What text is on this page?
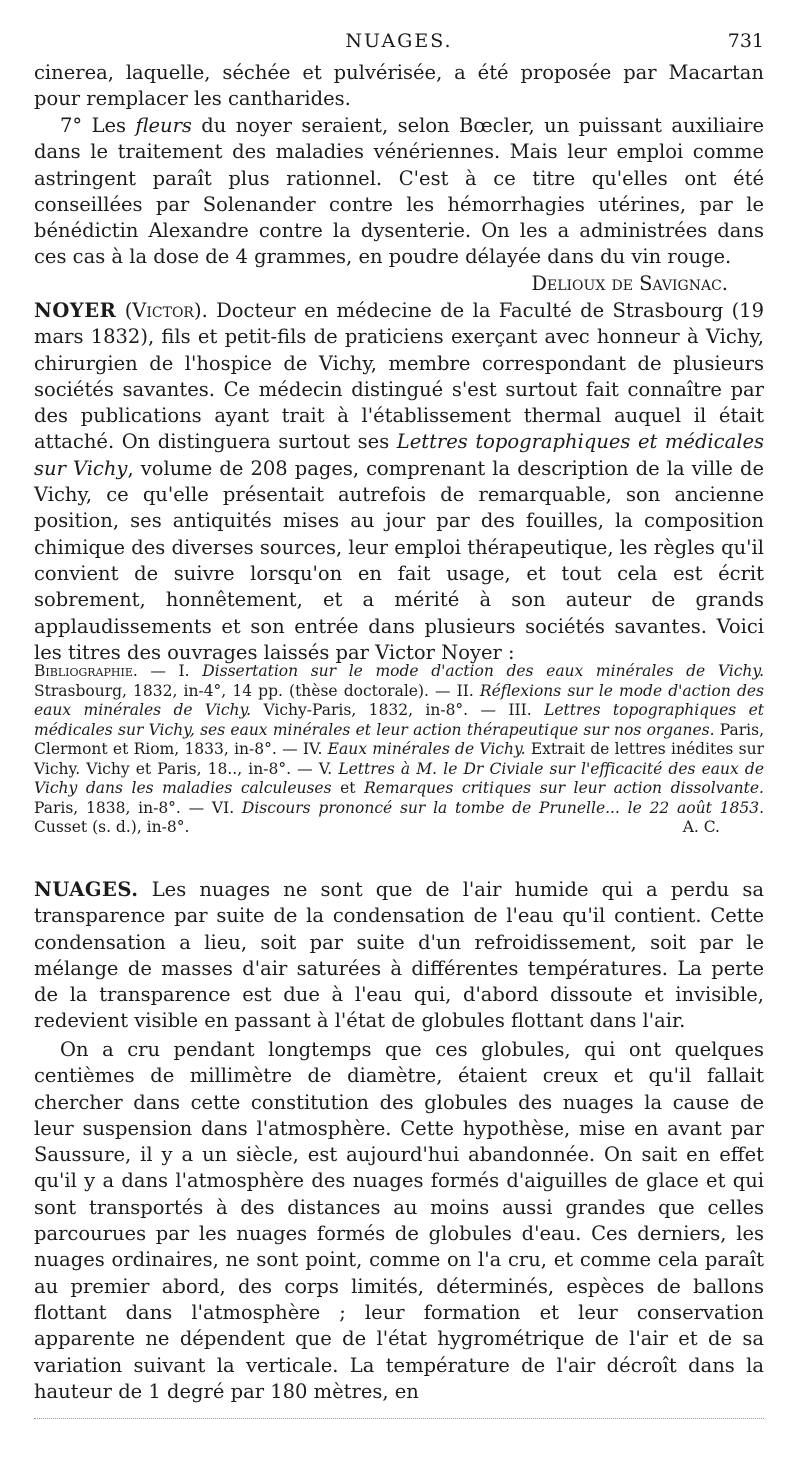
NUAGES.	731

cinerea, laquelle, séchée et pulvérisée, a été proposée par Macartan pour remplacer les cantharides.

7° Les fleurs du noyer seraient, selon Bœcler, un puissant auxiliaire dans le traitement des maladies vénériennes. Mais leur emploi comme astringent paraît plus rationnel. C'est à ce titre qu'elles ont été conseillées par Solenander contre les hémorrhagies utérines, par le bénédictin Alexandre contre la dysenterie. On les a administrées dans ces cas à la dose de 4 grammes, en poudre délayée dans du vin rouge.
Delioux de Savignac.

NOYER (Victor). Docteur en médecine de la Faculté de Strasbourg (19 mars 1832), fils et petit-fils de praticiens exerçant avec honneur à Vichy, chirurgien de l'hospice de Vichy, membre correspondant de plusieurs sociétés savantes. Ce médecin distingué s'est surtout fait connaître par des publications ayant trait à l'établissement thermal auquel il était attaché. On distinguera surtout ses Lettres topographiques et médicales sur Vichy, volume de 208 pages, comprenant la description de la ville de Vichy, ce qu'elle présentait autrefois de remarquable, son ancienne position, ses antiquités mises au jour par des fouilles, la composition chimique des diverses sources, leur emploi thérapeutique, les règles qu'il convient de suivre lorsqu'on en fait usage, et tout cela est écrit sobrement, honnêtement, et a mérité à son auteur de grands applaudissements et son entrée dans plusieurs sociétés savantes. Voici les titres des ouvrages laissés par Victor Noyer :

Bibliographie. — I. Dissertation sur le mode d'action des eaux minérales de Vichy. Strasbourg, 1832, in-4°, 14 pp. (thèse doctorale). — II. Réflexions sur le mode d'action des eaux minérales de Vichy. Vichy-Paris, 1832, in-8°. — III. Lettres topographiques et médicales sur Vichy, ses eaux minérales et leur action thérapeutique sur nos organes. Paris, Clermont et Riom, 1833, in-8°. — IV. Eaux minérales de Vichy. Extrait de lettres inédites sur Vichy. Vichy et Paris, 18.., in-8°. — V. Lettres à M. le Dr Civiale sur l'efficacité des eaux de Vichy dans les maladies calculeuses et Remarques critiques sur leur action dissolvante. Paris, 1838, in-8°. — VI. Discours prononcé sur la tombe de Prunelle... le 22 août 1853. Cusset (s. d.), in-8°.	A. C.

NUAGES. Les nuages ne sont que de l'air humide qui a perdu sa transparence par suite de la condensation de l'eau qu'il contient. Cette condensation a lieu, soit par suite d'un refroidissement, soit par le mélange de masses d'air saturées à différentes températures. La perte de la transparence est due à l'eau qui, d'abord dissoute et invisible, redevient visible en passant à l'état de globules flottant dans l'air.

On a cru pendant longtemps que ces globules, qui ont quelques centièmes de millimètre de diamètre, étaient creux et qu'il fallait chercher dans cette constitution des globules des nuages la cause de leur suspension dans l'atmosphère. Cette hypothèse, mise en avant par Saussure, il y a un siècle, est aujourd'hui abandonnée. On sait en effet qu'il y a dans l'atmosphère des nuages formés d'aiguilles de glace et qui sont transportés à des distances au moins aussi grandes que celles parcourues par les nuages formés de globules d'eau. Ces derniers, les nuages ordinaires, ne sont point, comme on l'a cru, et comme cela paraît au premier abord, des corps limités, déterminés, espèces de ballons flottant dans l'atmosphère ; leur formation et leur conservation apparente ne dépendent que de l'état hygrométrique de l'air et de sa variation suivant la verticale. La température de l'air décroît dans la hauteur de 1 degré par 180 mètres, en
